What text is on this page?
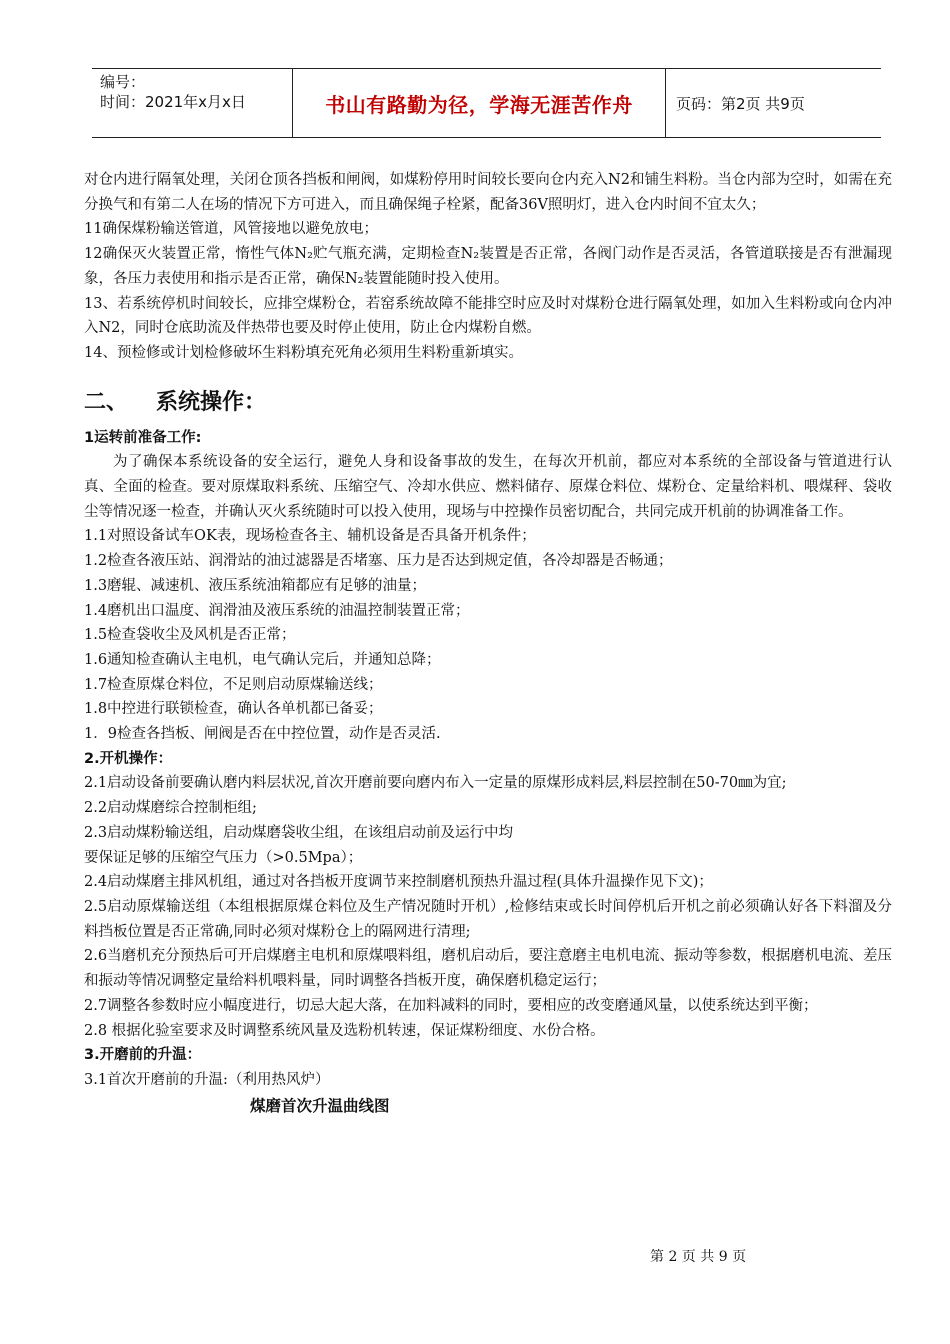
编号：
时间：2021年x月x日	书山有路勤为径，学海无涯苦作舟	页码：第2页 共9页

对仓内进行隔氧处理，关闭仓顶各挡板和闸阀，如煤粉停用时间较长要向仓内充入N2和铺生料粉。当仓内部为空时，如需在充分换气和有第二人在场的情况下方可进入，而且确保绳子栓紧，配备36V照明灯，进入仓内时间不宜太久；

11确保煤粉输送管道，风管接地以避免放电；

12确保灭火装置正常，惰性气体N₂贮气瓶充满，定期检查N₂装置是否正常，各阀门动作是否灵活，各管道联接是否有泄漏现象，各压力表使用和指示是否正常，确保N₂装置能随时投入使用。

13、若系统停机时间较长，应排空煤粉仓，若窑系统故障不能排空时应及时对煤粉仓进行隔氧处理，如加入生料粉或向仓内冲入N2，同时仓底助流及伴热带也要及时停止使用，防止仓内煤粉自燃。

14、预检修或计划检修破坏生料粉填充死角必须用生料粉重新填实。

二、 系统操作：

1运转前准备工作:

为了确保本系统设备的安全运行，避免人身和设备事故的发生，在每次开机前，都应对本系统的全部设备与管道进行认真、全面的检查。要对原煤取料系统、压缩空气、冷却水供应、燃料储存、原煤仓料位、煤粉仓、定量给料机、喂煤秤、袋收尘等情况逐一检查，并确认灭火系统随时可以投入使用，现场与中控操作员密切配合，共同完成开机前的协调准备工作。

1.1对照设备试车OK表，现场检查各主、辅机设备是否具备开机条件；

1.2检查各液压站、润滑站的油过滤器是否堵塞、压力是否达到规定值，各冷却器是否畅通；

1.3磨辊、减速机、液压系统油箱都应有足够的油量；

1.4磨机出口温度、润滑油及液压系统的油温控制装置正常；

1.5检查袋收尘及风机是否正常；

1.6通知检查确认主电机，电气确认完后，并通知总降；

1.7检查原煤仓料位，不足则启动原煤输送线；

1.8中控进行联锁检查，确认各单机都已备妥；

1．9检查各挡板、闸阀是否在中控位置，动作是否灵活.

2.开机操作：

2.1启动设备前要确认磨内料层状况,首次开磨前要向磨内布入一定量的原煤形成料层,料层控制在50-70㎜为宜;

2.2启动煤磨综合控制柜组;

2.3启动煤粉输送组，启动煤磨袋收尘组，在该组启动前及运行中均

要保证足够的压缩空气压力（>0.5Mpa）；

2.4启动煤磨主排风机组，通过对各挡板开度调节来控制磨机预热升温过程(具体升温操作见下文)；

2.5启动原煤输送组（本组根据原煤仓料位及生产情况随时开机）,检修结束或长时间停机后开机之前必须确认好各下料溜及分料挡板位置是否正常确,同时必须对煤粉仓上的隔网进行清理;

2.6当磨机充分预热后可开启煤磨主电机和原煤喂料组，磨机启动后，要注意磨主电机电流、振动等参数，根据磨机电流、差压和振动等情况调整定量给料机喂料量，同时调整各挡板开度，确保磨机稳定运行；

2.7调整各参数时应小幅度进行，切忌大起大落，在加料减料的同时，要相应的改变磨通风量，以使系统达到平衡；

2.8 根据化验室要求及时调整系统风量及选粉机转速，保证煤粉细度、水份合格。

3.开磨前的升温：

3.1首次开磨前的升温:（利用热风炉）

煤磨首次升温曲线图

第 2 页 共 9 页
